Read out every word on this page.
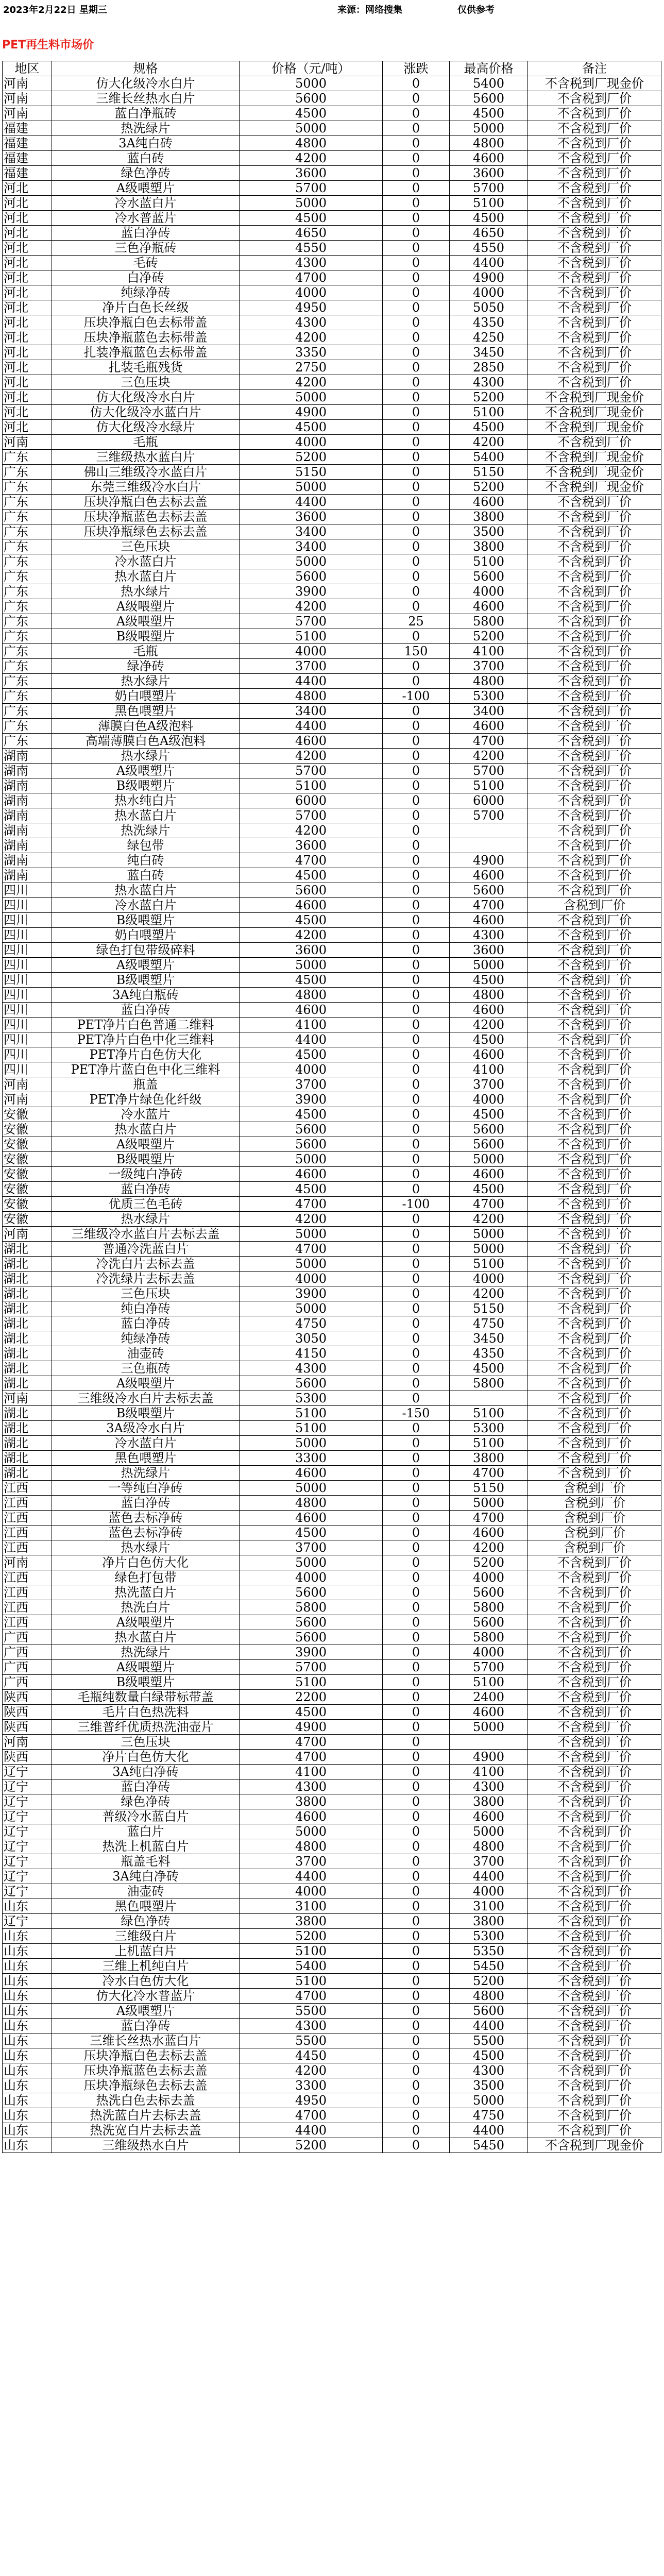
2023年2月22日 星期三	来源：网络搜集	仅供参考
PET再生料市场价
地区	规格	价格（元/吨）	涨跌	最高价格	备注
河南	仿大化级冷水白片	5000	0	5400	不含税到厂现金价
河南	三维长丝热水白片	5600	0	5600	不含税到厂价
河南	蓝白净瓶砖	4500	0	4500	不含税到厂价
福建	热洗绿片	5000	0	5000	不含税到厂价
福建	3A纯白砖	4800	0	4800	不含税到厂价
福建	蓝白砖	4200	0	4600	不含税到厂价
福建	绿色净砖	3600	0	3600	不含税到厂价
河北	A级喂塑片	5700	0	5700	不含税到厂价
河北	冷水蓝白片	5000	0	5100	不含税到厂价
河北	冷水普蓝片	4500	0	4500	不含税到厂价
河北	蓝白净砖	4650	0	4650	不含税到厂价
河北	三色净瓶砖	4550	0	4550	不含税到厂价
河北	毛砖	4300	0	4400	不含税到厂价
河北	白净砖	4700	0	4900	不含税到厂价
河北	纯绿净砖	4000	0	4000	不含税到厂价
河北	净片白色长丝级	4950	0	5050	不含税到厂价
河北	压块净瓶白色去标带盖	4300	0	4350	不含税到厂价
河北	压块净瓶蓝色去标带盖	4200	0	4250	不含税到厂价
河北	扎装净瓶蓝色去标带盖	3350	0	3450	不含税到厂价
河北	扎装毛瓶残货	2750	0	2850	不含税到厂价
河北	三色压块	4200	0	4300	不含税到厂价
河北	仿大化级冷水白片	5000	0	5200	不含税到厂现金价
河北	仿大化级冷水蓝白片	4900	0	5100	不含税到厂现金价
河北	仿大化级冷水绿片	4500	0	4500	不含税到厂现金价
河南	毛瓶	4000	0	4200	不含税到厂价
广东	三维级热水蓝白片	5200	0	5400	不含税到厂现金价
广东	佛山三维级冷水蓝白片	5150	0	5150	不含税到厂现金价
广东	东莞三维级冷水白片	5000	0	5200	不含税到厂现金价
广东	压块净瓶白色去标去盖	4400	0	4600	不含税到厂价
广东	压块净瓶蓝色去标去盖	3600	0	3800	不含税到厂价
广东	压块净瓶绿色去标去盖	3400	0	3500	不含税到厂价
广东	三色压块	3400	0	3800	不含税到厂价
广东	冷水蓝白片	5000	0	5100	不含税到厂价
广东	热水蓝白片	5600	0	5600	不含税到厂价
广东	热水绿片	3900	0	4000	不含税到厂价
广东	A级喂塑片	4200	0	4600	不含税到厂价
广东	A级喂塑片	5700	25	5800	不含税到厂价
广东	B级喂塑片	5100	0	5200	不含税到厂价
广东	毛瓶	4000	150	4100	不含税到厂价
广东	绿净砖	3700	0	3700	不含税到厂价
广东	热水绿片	4400	0	4800	不含税到厂价
广东	奶白喂塑片	4800	-100	5300	不含税到厂价
广东	黑色喂塑片	3400	0	3400	不含税到厂价
广东	薄膜白色A级泡料	4400	0	4600	不含税到厂价
广东	高端薄膜白色A级泡料	4600	0	4700	不含税到厂价
湖南	热水绿片	4200	0	4200	不含税到厂价
湖南	A级喂塑片	5700	0	5700	不含税到厂价
湖南	B级喂塑片	5100	0	5100	不含税到厂价
湖南	热水纯白片	6000	0	6000	不含税到厂价
湖南	热水蓝白片	5700	0	5700	不含税到厂价
湖南	热洗绿片	4200	0		不含税到厂价
湖南	绿包带	3600	0		不含税到厂价
湖南	纯白砖	4700	0	4900	不含税到厂价
湖南	蓝白砖	4500	0	4600	不含税到厂价
四川	热水蓝白片	5600	0	5600	不含税到厂价
四川	冷水蓝白片	4600	0	4700	含税到厂价
四川	B级喂塑片	4500	0	4600	不含税到厂价
四川	奶白喂塑片	4200	0	4300	不含税到厂价
四川	绿色打包带级碎料	3600	0	3600	不含税到厂价
四川	A级喂塑片	5000	0	5000	不含税到厂价
四川	B级喂塑片	4500	0	4500	不含税到厂价
四川	3A纯白瓶砖	4800	0	4800	不含税到厂价
四川	蓝白净砖	4600	0	4600	不含税到厂价
四川	PET净片白色普通二维料	4100	0	4200	不含税到厂价
四川	PET净片白色中化三维料	4400	0	4500	不含税到厂价
四川	PET净片白色仿大化	4500	0	4600	不含税到厂价
四川	PET净片蓝白色中化三维料	4000	0	4100	不含税到厂价
河南	瓶盖	3700	0	3700	不含税到厂价
河南	PET净片绿色化纤级	3900	0	4000	不含税到厂价
安徽	冷水蓝片	4500	0	4500	不含税到厂价
安徽	热水蓝白片	5600	0	5600	不含税到厂价
安徽	A级喂塑片	5600	0	5600	不含税到厂价
安徽	B级喂塑片	5000	0	5000	不含税到厂价
安徽	一级纯白净砖	4600	0	4600	不含税到厂价
安徽	蓝白净砖	4500	0	4500	不含税到厂价
安徽	优质三色毛砖	4700	-100	4700	不含税到厂价
安徽	热水绿片	4200	0	4200	不含税到厂价
河南	三维级冷水蓝白片去标去盖	5000	0	5000	不含税到厂价
湖北	普通冷洗蓝白片	4700	0	5000	不含税到厂价
湖北	冷洗白片去标去盖	5000	0	5100	不含税到厂价
湖北	冷洗绿片去标去盖	4000	0	4000	不含税到厂价
湖北	三色压块	3900	0	4200	不含税到厂价
湖北	纯白净砖	5000	0	5150	不含税到厂价
湖北	蓝白净砖	4750	0	4750	不含税到厂价
湖北	纯绿净砖	3050	0	3450	不含税到厂价
湖北	油壶砖	4150	0	4350	不含税到厂价
湖北	三色瓶砖	4300	0	4500	不含税到厂价
湖北	A级喂塑片	5600	0	5800	不含税到厂价
河南	三维级冷水白片去标去盖	5300	0		不含税到厂价
湖北	B级喂塑片	5100	-150	5100	不含税到厂价
湖北	3A级冷水白片	5100	0	5300	不含税到厂价
湖北	冷水蓝白片	5000	0	5100	不含税到厂价
湖北	黑色喂塑片	3300	0	3800	不含税到厂价
湖北	热洗绿片	4600	0	4700	不含税到厂价
江西	一等纯白净砖	5000	0	5150	含税到厂价
江西	蓝白净砖	4800	0	5000	含税到厂价
江西	蓝色去标净砖	4600	0	4700	含税到厂价
江西	蓝色去标净砖	4500	0	4600	含税到厂价
江西	热水绿片	3700	0	4200	含税到厂价
河南	净片白色仿大化	5000	0	5200	不含税到厂价
江西	绿色打包带	4000	0	4000	不含税到厂价
江西	热洗蓝白片	5600	0	5600	不含税到厂价
江西	热洗白片	5800	0	5800	不含税到厂价
江西	A级喂塑片	5600	0	5600	不含税到厂价
广西	热水蓝白片	5600	0	5800	不含税到厂价
广西	热洗绿片	3900	0	4000	不含税到厂价
广西	A级喂塑片	5700	0	5700	不含税到厂价
广西	B级喂塑片	5100	0	5100	不含税到厂价
陕西	毛瓶纯数量白绿带标带盖	2200	0	2400	不含税到厂价
陕西	毛片白色热洗料	4500	0	4600	不含税到厂价
陕西	三维普纤优质热洗油壶片	4900	0	5000	不含税到厂价
河南	三色压块	4700	0		不含税到厂价
陕西	净片白色仿大化	4700	0	4900	不含税到厂价
辽宁	3A纯白净砖	4100	0	4100	不含税到厂价
辽宁	蓝白净砖	4300	0	4300	不含税到厂价
辽宁	绿色净砖	3800	0	3800	不含税到厂价
辽宁	普级冷水蓝白片	4600	0	4600	不含税到厂价
辽宁	蓝白片	5000	0	5000	不含税到厂价
辽宁	热洗上机蓝白片	4800	0	4800	不含税到厂价
辽宁	瓶盖毛料	3700	0	3700	不含税到厂价
辽宁	3A纯白净砖	4400	0	4400	不含税到厂价
辽宁	油壶砖	4000	0	4000	不含税到厂价
山东	黑色喂塑片	3100	0	3100	不含税到厂价
辽宁	绿色净砖	3800	0	3800	不含税到厂价
山东	三维级白片	5200	0	5300	不含税到厂价
山东	上机蓝白片	5100	0	5350	不含税到厂价
山东	三维上机纯白片	5400	0	5450	不含税到厂价
山东	冷水白色仿大化	5100	0	5200	不含税到厂价
山东	仿大化冷水普蓝片	4700	0	4800	不含税到厂价
山东	A级喂塑片	5500	0	5600	不含税到厂价
山东	蓝白净砖	4300	0	4400	不含税到厂价
山东	三维长丝热水蓝白片	5500	0	5500	不含税到厂价
山东	压块净瓶白色去标去盖	4450	0	4500	不含税到厂价
山东	压块净瓶蓝色去标去盖	4200	0	4300	不含税到厂价
山东	压块净瓶绿色去标去盖	3300	0	3500	不含税到厂价
山东	热洗白色去标去盖	4950	0	5000	不含税到厂价
山东	热洗蓝白片去标去盖	4700	0	4750	不含税到厂价
山东	热洗宽白片去标去盖	4400	0	4400	不含税到厂价
山东	三维级热水白片	5200	0	5450	不含税到厂现金价
